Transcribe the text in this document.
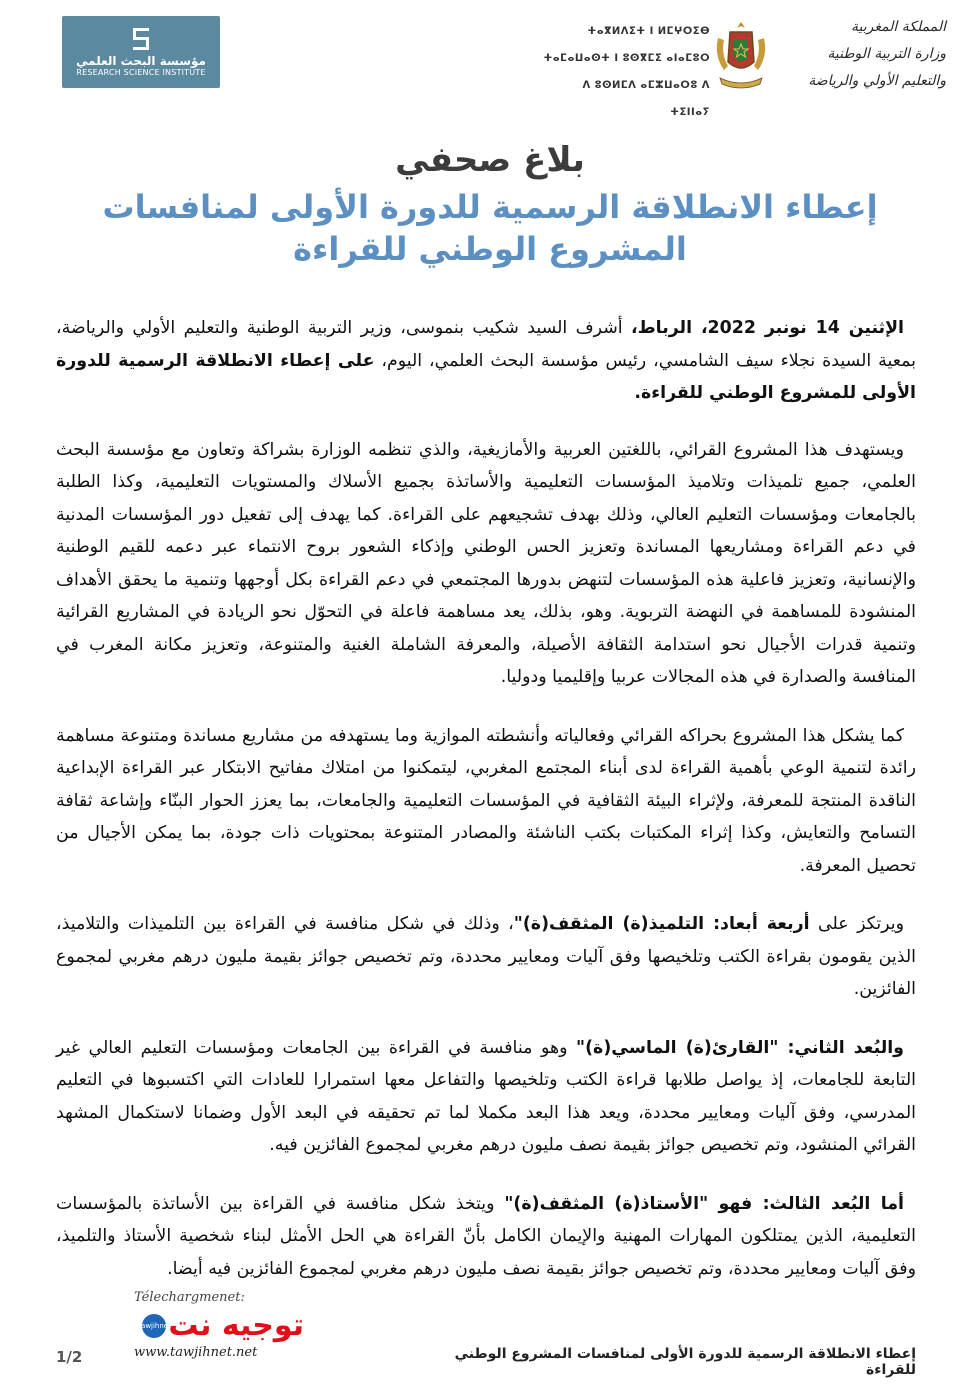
مؤسسة البحث العلمي
RESEARCH SCIENCE INSTITUTE
ⵜⴰⴳⵍⴷⵉⵜ ⵏ ⵍⵎⵖⵔⵉⴱ
ⵜⴰⵎⴰⵡⴰⵙⵜ ⵏ ⵓⵙⴳⵎⵉ ⴰⵏⴰⵎⵓⵔ
ⴷ ⵓⵙⵍⵎⴷ ⴰⵎⵣⵡⴰⵔⵓ ⴷ ⵜⵉⵏⵏⴰⵢ
المملكة المغربية
وزارة التربية الوطنية
والتعليم الأولي والرياضة
بلاغ صحفي
إعطاء الانطلاقة الرسمية للدورة الأولى لمنافسات
المشروع الوطني للقراءة

الإثنين 14 نونبر 2022، الرباط، أشرف السيد شكيب بنموسى، وزير التربية الوطنية والتعليم الأولي والرياضة، بمعية السيدة نجلاء سيف الشامسي، رئيس مؤسسة البحث العلمي، اليوم، على إعطاء الانطلاقة الرسمية للدورة الأولى للمشروع الوطني للقراءة.

ويستهدف هذا المشروع القرائي، باللغتين العربية والأمازيغية، والذي تنظمه الوزارة بشراكة وتعاون مع مؤسسة البحث العلمي، جميع تلميذات وتلاميذ المؤسسات التعليمية والأساتذة بجميع الأسلاك والمستويات التعليمية، وكذا الطلبة بالجامعات ومؤسسات التعليم العالي، وذلك بهدف تشجيعهم على القراءة. كما يهدف إلى تفعيل دور المؤسسات المدنية في دعم القراءة ومشاريعها المساندة وتعزيز الحس الوطني وإذكاء الشعور بروح الانتماء عبر دعمه للقيم الوطنية والإنسانية، وتعزيز فاعلية هذه المؤسسات لتنهض بدورها المجتمعي في دعم القراءة بكل أوجهها وتنمية ما يحقق الأهداف المنشودة للمساهمة في النهضة التربوية. وهو، بذلك، يعد مساهمة فاعلة في التحوّل نحو الريادة في المشاريع القرائية وتنمية قدرات الأجيال نحو استدامة الثقافة الأصيلة، والمعرفة الشاملة الغنية والمتنوعة، وتعزيز مكانة المغرب في المنافسة والصدارة في هذه المجالات عربيا وإقليميا ودوليا.

كما يشكل هذا المشروع بحراكه القرائي وفعالياته وأنشطته الموازية وما يستهدفه من مشاريع مساندة ومتنوعة مساهمة رائدة لتنمية الوعي بأهمية القراءة لدى أبناء المجتمع المغربي، ليتمكنوا من امتلاك مفاتيح الابتكار عبر القراءة الإبداعية الناقدة المنتجة للمعرفة، ولإثراء البيئة الثقافية في المؤسسات التعليمية والجامعات، بما يعزز الحوار البنّاء وإشاعة ثقافة التسامح والتعايش، وكذا إثراء المكتبات بكتب الناشئة والمصادر المتنوعة بمحتويات ذات جودة، بما يمكن الأجيال من تحصيل المعرفة.

ويرتكز على أربعة أبعاد: التلميذ(ة) المثقف(ة)"، وذلك في شكل منافسة في القراءة بين التلميذات والتلاميذ، الذين يقومون بقراءة الكتب وتلخيصها وفق آليات ومعايير محددة، وتم تخصيص جوائز بقيمة مليون درهم مغربي لمجموع الفائزين.

والبُعد الثاني: "القارئ(ة) الماسي(ة)" وهو منافسة في القراءة بين الجامعات ومؤسسات التعليم العالي غير التابعة للجامعات، إذ يواصل طلابها قراءة الكتب وتلخيصها والتفاعل معها استمرارا للعادات التي اكتسبوها في التعليم المدرسي، وفق آليات ومعايير محددة، ويعد هذا البعد مكملا لما تم تحقيقه في البعد الأول وضمانا لاستكمال المشهد القرائي المنشود، وتم تخصيص جوائز بقيمة نصف مليون درهم مغربي لمجموع الفائزين فيه.

أما البُعد الثالث: فهو "الأستاذ(ة) المثقف(ة)" ويتخذ شكل منافسة في القراءة بين الأساتذة بالمؤسسات التعليمية، الذين يمتلكون المهارات المهنية والإيمان الكامل بأنّ القراءة هي الحل الأمثل لبناء شخصية الأستاذ والتلميذ، وفق آليات ومعايير محددة، وتم تخصيص جوائز بقيمة نصف مليون درهم مغربي لمجموع الفائزين فيه أيضا.

Télechargmenet:
توجيه نت
Tawjihnet
www.tawjihnet.net
1/2	إعطاء الانطلاقة الرسمية للدورة الأولى لمنافسات المشروع الوطني للقراءة
